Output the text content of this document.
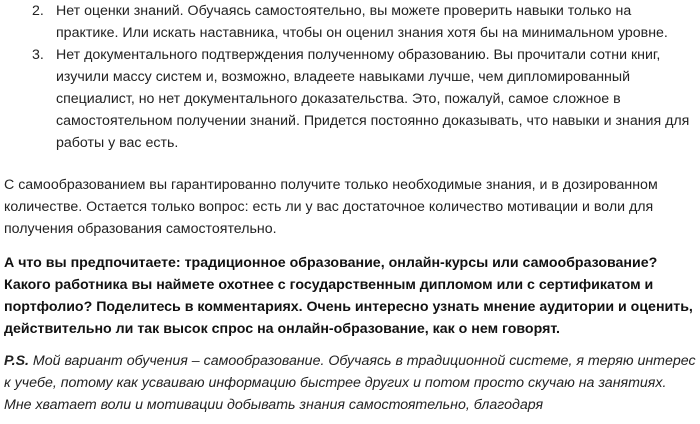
2. Нет оценки знаний. Обучаясь самостоятельно, вы можете проверить навыки только на практике. Или искать наставника, чтобы он оценил знания хотя бы на минимальном уровне.
3. Нет документального подтверждения полученному образованию. Вы прочитали сотни книг, изучили массу систем и, возможно, владеете навыками лучше, чем дипломированный специалист, но нет документального доказательства. Это, пожалуй, самое сложное в самостоятельном получении знаний. Придется постоянно доказывать, что навыки и знания для работы у вас есть.

С самообразованием вы гарантированно получите только необходимые знания, и в дозированном количестве. Остается только вопрос: есть ли у вас достаточное количество мотивации и воли для получения образования самостоятельно.

А что вы предпочитаете: традиционное образование, онлайн-курсы или самообразование? Какого работника вы наймете охотнее с государственным дипломом или с сертификатом и портфолио? Поделитесь в комментариях. Очень интересно узнать мнение аудитории и оценить, действительно ли так высок спрос на онлайн-образование, как о нем говорят.

P.S. Мой вариант обучения – самообразование. Обучаясь в традиционной системе, я теряю интерес к учебе, потому как усваиваю информацию быстрее других и потом просто скучаю на занятиях. Мне хватает воли и мотивации добывать знания самостоятельно, благодаря
